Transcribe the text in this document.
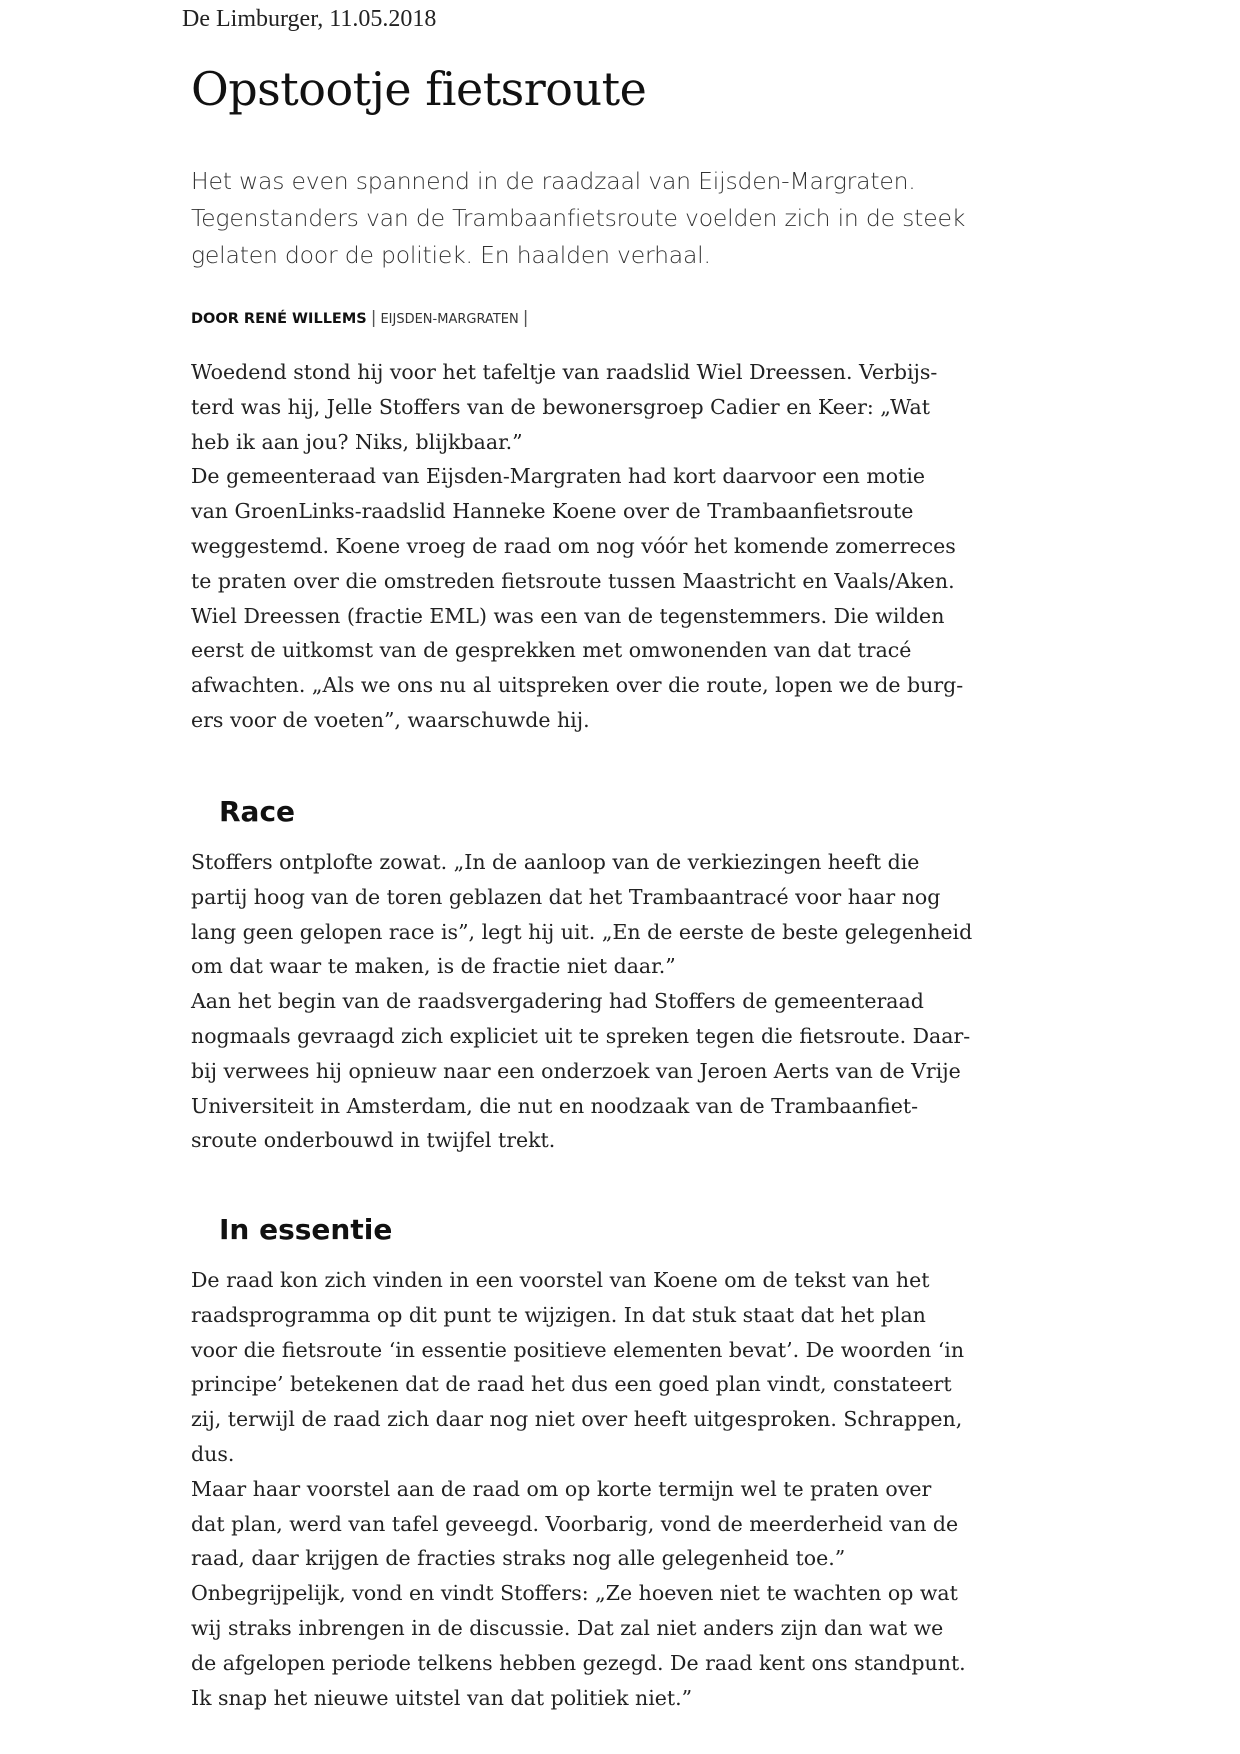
De Limburger, 11.05.2018
Opstootje fietsroute
Het was even spannend in de raadzaal van Eijsden-Margraten.
Tegenstanders van de Trambaanfietsroute voelden zich in de steek
gelaten door de politiek. En haalden verhaal.
DOOR RENÉ WILLEMS | EIJSDEN-MARGRATEN |

Woedend stond hij voor het tafeltje van raadslid Wiel Dreessen. Verbijs-

terd was hij, Jelle Stoffers van de bewonersgroep Cadier en Keer: „Wat

heb ik aan jou? Niks, blijkbaar.”

De gemeenteraad van Eijsden-Margraten had kort daarvoor een motie

van GroenLinks-raadslid Hanneke Koene over de Trambaanfietsroute

weggestemd. Koene vroeg de raad om nog vóór het komende zomerreces

te praten over die omstreden fietsroute tussen Maastricht en Vaals/Aken.

Wiel Dreessen (fractie EML) was een van de tegenstemmers. Die wilden

eerst de uitkomst van de gesprekken met omwonenden van dat tracé

afwachten. „Als we ons nu al uitspreken over die route, lopen we de burg-

ers voor de voeten”, waarschuwde hij.

Race

Stoffers ontplofte zowat. „In de aanloop van de verkiezingen heeft die

partij hoog van de toren geblazen dat het Trambaantracé voor haar nog

lang geen gelopen race is”, legt hij uit. „En de eerste de beste gelegenheid

om dat waar te maken, is de fractie niet daar.”

Aan het begin van de raadsvergadering had Stoffers de gemeenteraad

nogmaals gevraagd zich expliciet uit te spreken tegen die fietsroute. Daar-

bij verwees hij opnieuw naar een onderzoek van Jeroen Aerts van de Vrije

Universiteit in Amsterdam, die nut en noodzaak van de Trambaanfiet-

sroute onderbouwd in twijfel trekt.

In essentie

De raad kon zich vinden in een voorstel van Koene om de tekst van het

raadsprogramma op dit punt te wijzigen. In dat stuk staat dat het plan

voor die fietsroute ‘in essentie positieve elementen bevat’. De woorden ‘in

principe’ betekenen dat de raad het dus een goed plan vindt, constateert

zij, terwijl de raad zich daar nog niet over heeft uitgesproken. Schrappen,

dus.

Maar haar voorstel aan de raad om op korte termijn wel te praten over

dat plan, werd van tafel geveegd. Voorbarig, vond de meerderheid van de

raad, daar krijgen de fracties straks nog alle gelegenheid toe.”

Onbegrijpelijk, vond en vindt Stoffers: „Ze hoeven niet te wachten op wat

wij straks inbrengen in de discussie. Dat zal niet anders zijn dan wat we

de afgelopen periode telkens hebben gezegd. De raad kent ons standpunt.

Ik snap het nieuwe uitstel van dat politiek niet.”
